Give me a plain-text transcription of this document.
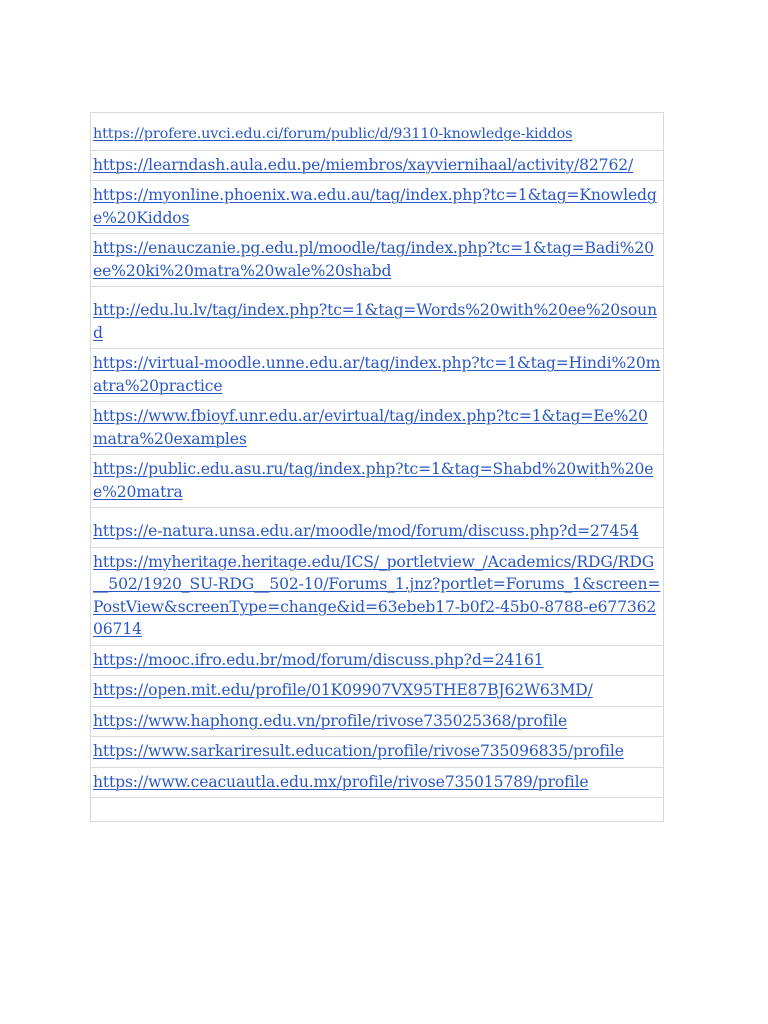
https://profere.uvci.edu.ci/forum/public/d/93110-knowledge-kiddos
https://learndash.aula.edu.pe/miembros/xayviernihaal/activity/82762/
https://myonline.phoenix.wa.edu.au/tag/index.php?tc=1&tag=Knowledge%20Kiddos
https://enauczanie.pg.edu.pl/moodle/tag/index.php?tc=1&tag=Badi%20ee%20ki%20matra%20wale%20shabd
http://edu.lu.lv/tag/index.php?tc=1&tag=Words%20with%20ee%20sound
https://virtual-moodle.unne.edu.ar/tag/index.php?tc=1&tag=Hindi%20matra%20practice
https://www.fbioyf.unr.edu.ar/evirtual/tag/index.php?tc=1&tag=Ee%20matra%20examples
https://public.edu.asu.ru/tag/index.php?tc=1&tag=Shabd%20with%20ee%20matra
https://e-natura.unsa.edu.ar/moodle/mod/forum/discuss.php?d=27454
https://myheritage.heritage.edu/ICS/_portletview_/Academics/RDG/RDG__502/1920_SU-RDG__502-10/Forums_1.jnz?portlet=Forums_1&screen=PostView&screenType=change&id=63ebeb17-b0f2-45b0-8788-e67736206714
https://mooc.ifro.edu.br/mod/forum/discuss.php?d=24161
https://open.mit.edu/profile/01K09907VX95THE87BJ62W63MD/
https://www.haphong.edu.vn/profile/rivose735025368/profile
https://www.sarkariresult.education/profile/rivose735096835/profile
https://www.ceacuautla.edu.mx/profile/rivose735015789/profile
